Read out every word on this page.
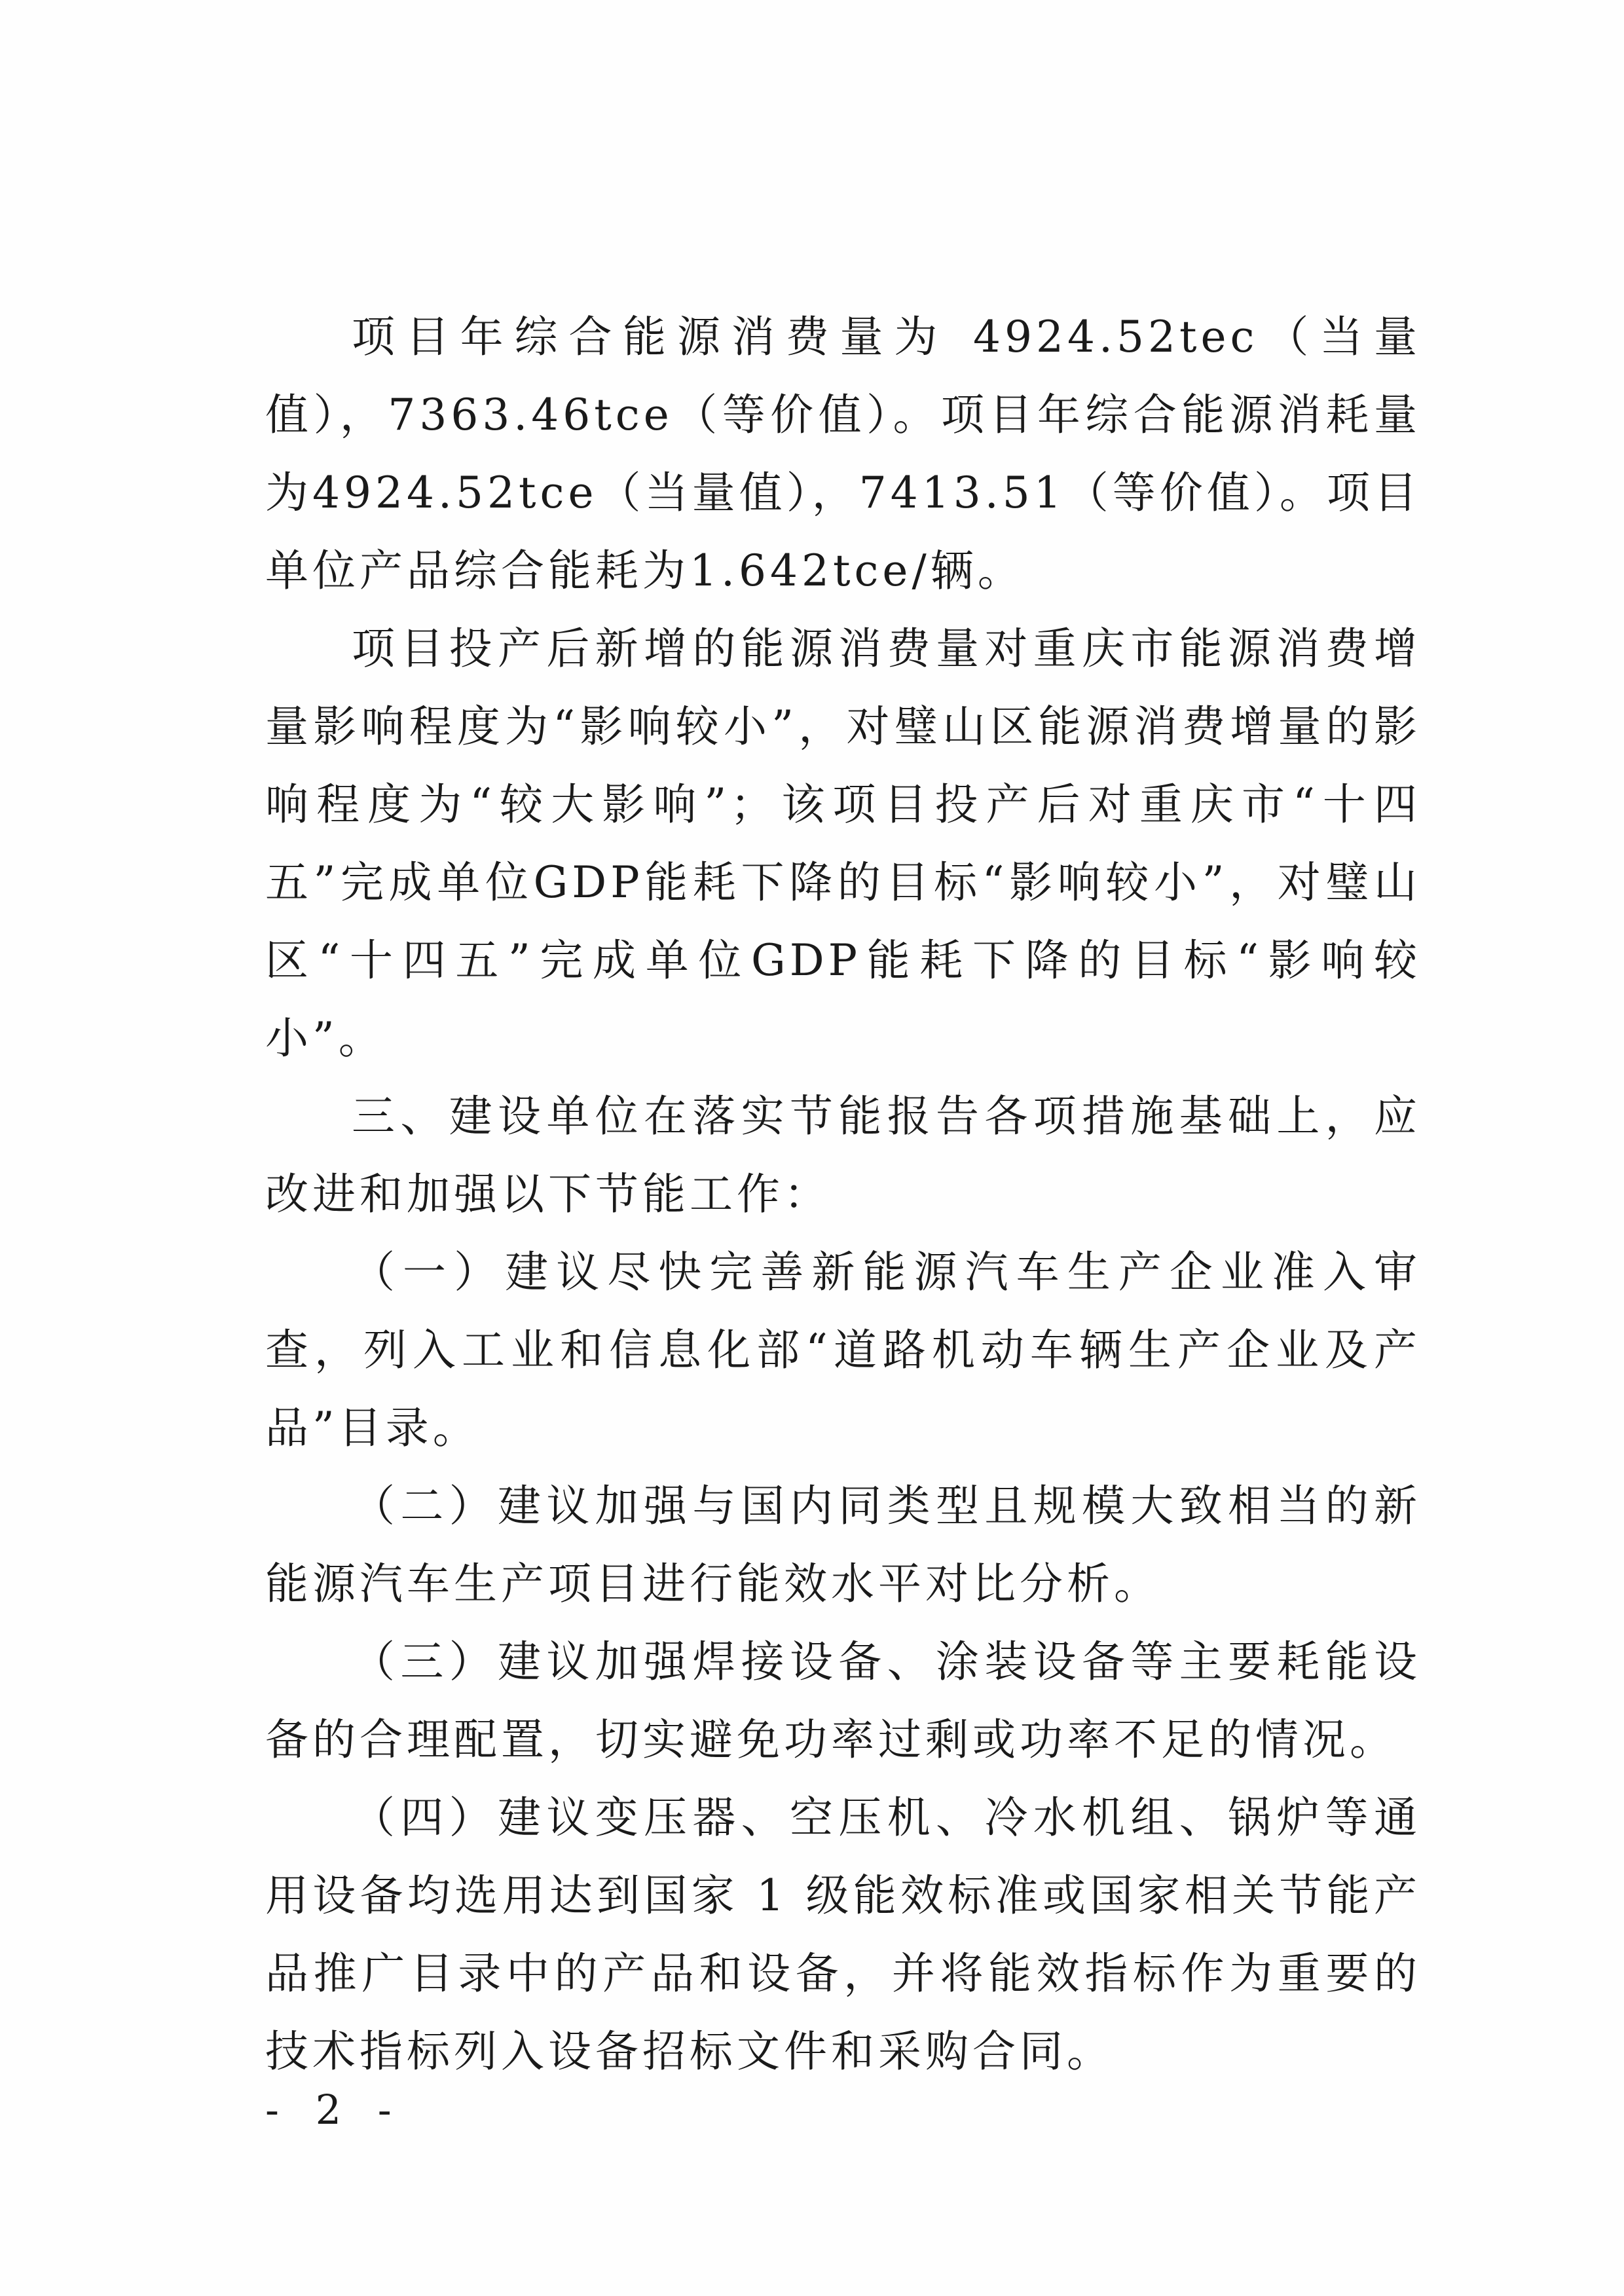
项目年综合能源消费量为 4924.52tec（当量值），7363.46tce（等价值）。项目年综合能源消耗量为4924.52tce（当量值），7413.51（等价值）。项目单位产品综合能耗为1.642tce/辆。

项目投产后新增的能源消费量对重庆市能源消费增量影响程度为“影响较小”，对璧山区能源消费增量的影响程度为“较大影响”；该项目投产后对重庆市“十四五”完成单位GDP能耗下降的目标“影响较小”，对璧山区“十四五”完成单位GDP能耗下降的目标“影响较小”。

三、建设单位在落实节能报告各项措施基础上，应改进和加强以下节能工作：

（一）建议尽快完善新能源汽车生产企业准入审查，列入工业和信息化部“道路机动车辆生产企业及产品”目录。

（二）建议加强与国内同类型且规模大致相当的新能源汽车生产项目进行能效水平对比分析。

（三）建议加强焊接设备、涂装设备等主要耗能设备的合理配置，切实避免功率过剩或功率不足的情况。

（四）建议变压器、空压机、冷水机组、锅炉等通用设备均选用达到国家 1 级能效标准或国家相关节能产品推广目录中的产品和设备，并将能效指标作为重要的技术指标列入设备招标文件和采购合同。

- 2 -
